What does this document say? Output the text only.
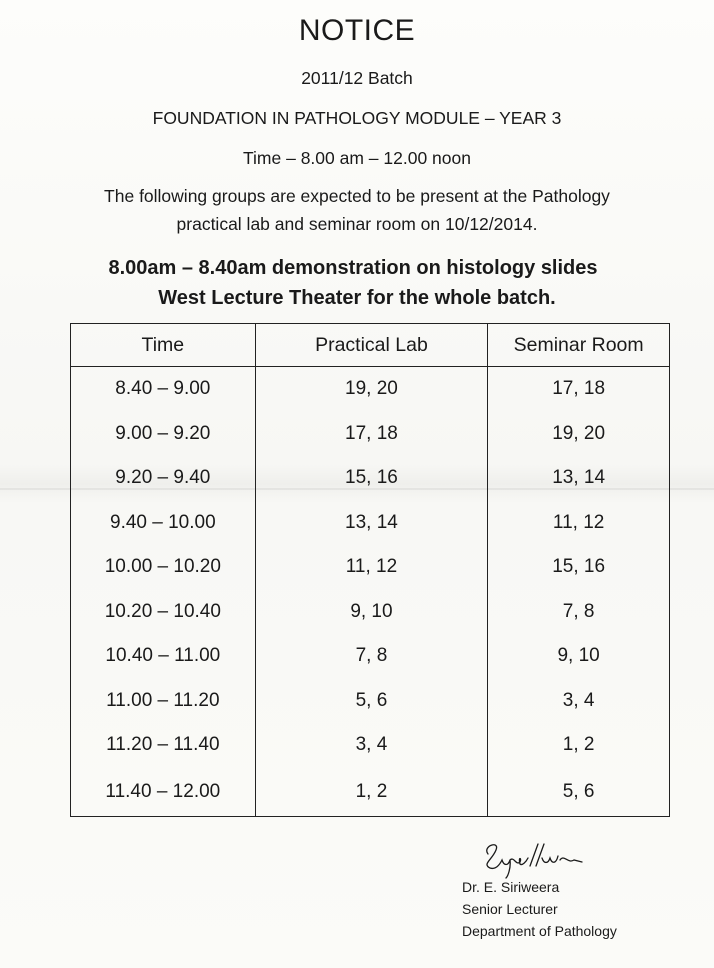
NOTICE
2011/12 Batch
FOUNDATION IN PATHOLOGY MODULE – YEAR 3
Time – 8.00 am – 12.00 noon
The following groups are expected to be present at the Pathology
practical lab and seminar room on 10/12/2014.
8.00am – 8.40am demonstration on histology slides
West Lecture Theater for the whole batch.
Time	Practical Lab	Seminar Room
8.40 – 9.00	19, 20	17, 18
9.00 – 9.20	17, 18	19, 20
9.20 – 9.40	15, 16	13, 14
9.40 – 10.00	13, 14	11, 12
10.00 – 10.20	11, 12	15, 16
10.20 – 10.40	9, 10	7, 8
10.40 – 11.00	7, 8	9, 10
11.00 – 11.20	5, 6	3, 4
11.20 – 11.40	3, 4	1, 2
11.40 – 12.00	1, 2	5, 6
Dr. E. Siriweera
Senior Lecturer
Department of Pathology
